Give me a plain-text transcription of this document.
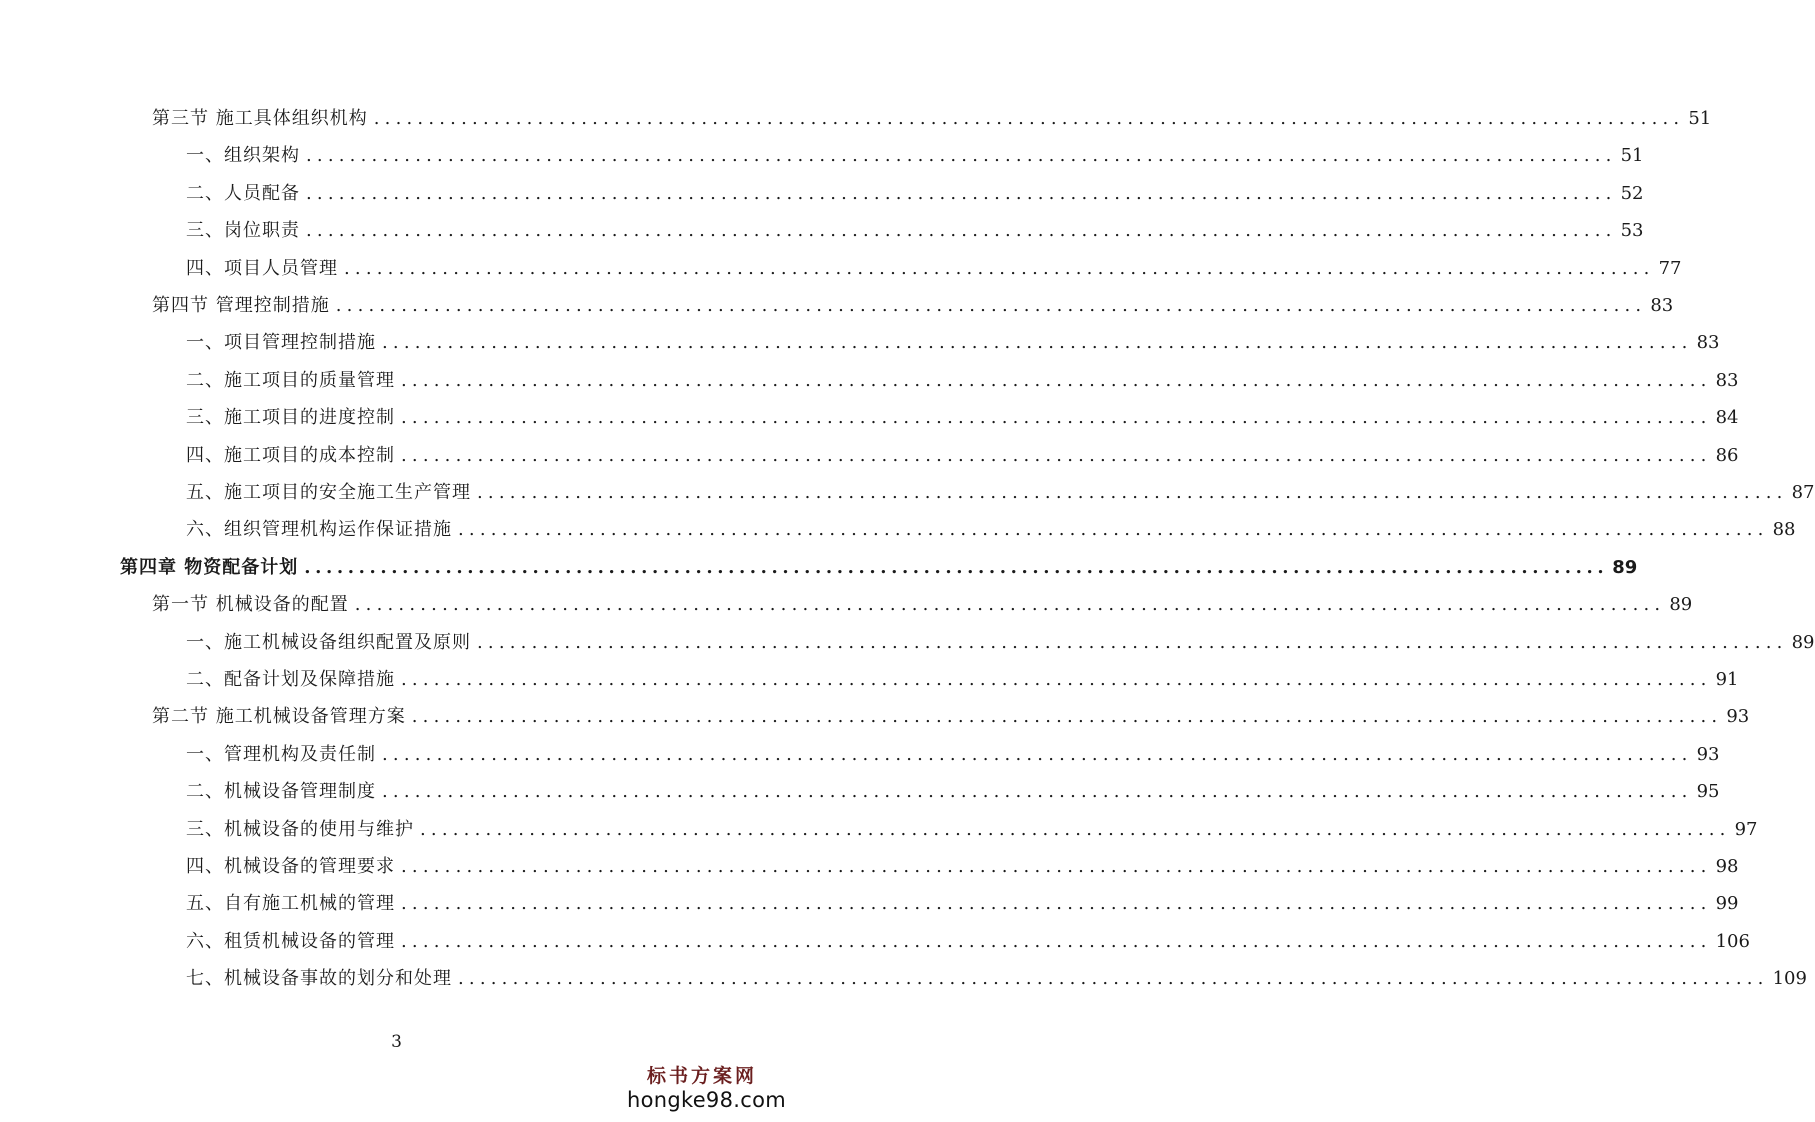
第三节 施工具体组织机构 ........................................................................................................................ 51
一、组织架构 ........................................................................................................................ 51
二、人员配备 ........................................................................................................................ 52
三、岗位职责 ........................................................................................................................ 53
四、项目人员管理 ........................................................................................................................ 77
第四节 管理控制措施 ........................................................................................................................ 83
一、项目管理控制措施 ........................................................................................................................ 83
二、施工项目的质量管理 ........................................................................................................................ 83
三、施工项目的进度控制 ........................................................................................................................ 84
四、施工项目的成本控制 ........................................................................................................................ 86
五、施工项目的安全施工生产管理 ........................................................................................................................ 87
六、组织管理机构运作保证措施 ........................................................................................................................ 88
第四章 物资配备计划 ........................................................................................................................ 89
第一节 机械设备的配置 ........................................................................................................................ 89
一、施工机械设备组织配置及原则 ........................................................................................................................ 89
二、配备计划及保障措施 ........................................................................................................................ 91
第二节 施工机械设备管理方案 ........................................................................................................................ 93
一、管理机构及责任制 ........................................................................................................................ 93
二、机械设备管理制度 ........................................................................................................................ 95
三、机械设备的使用与维护 ........................................................................................................................ 97
四、机械设备的管理要求 ........................................................................................................................ 98
五、自有施工机械的管理 ........................................................................................................................ 99
六、租赁机械设备的管理 ........................................................................................................................ 106
七、机械设备事故的划分和处理 ........................................................................................................................ 109
3
标书方案网
hongke98.com
